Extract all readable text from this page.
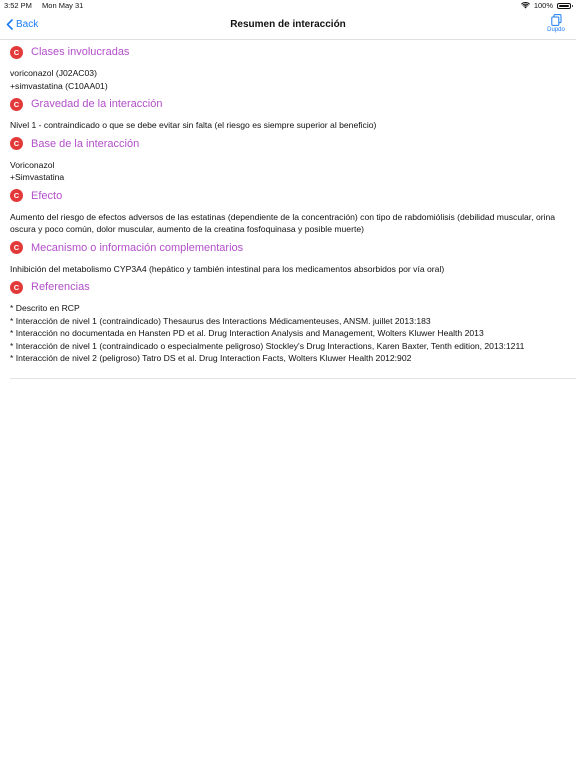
3:52 PM Mon May 31	100%
Back	Resumen de interacción	Dupdo
C	Clases involucradas
voriconazol (J02AC03)
+simvastatina (C10AA01)
C	Gravedad de la interacción
Nivel 1 - contraindicado o que se debe evitar sin falta (el riesgo es siempre superior al beneficio)
C	Base de la interacción
Voriconazol
+Simvastatina
C	Efecto
Aumento del riesgo de efectos adversos de las estatinas (dependiente de la concentración) con tipo de rabdomiólisis (debilidad muscular, orina oscura y poco común, dolor muscular, aumento de la creatina fosfoquinasa y posible muerte)
C	Mecanismo o información complementarios
Inhibición del metabolismo CYP3A4 (hepático y también intestinal para los medicamentos absorbidos por vía oral)
C	Referencias
* Descrito en RCP
* Interacción de nivel 1 (contraindicado) Thesaurus des Interactions Médicamenteuses, ANSM. juillet 2013:183
* Interacción no documentada en Hansten PD et al. Drug Interaction Analysis and Management, Wolters Kluwer Health 2013
* Interacción de nivel 1 (contraindicado o especialmente peligroso) Stockley's Drug Interactions, Karen Baxter, Tenth edition, 2013:1211
* Interacción de nivel 2 (peligroso) Tatro DS et al. Drug Interaction Facts, Wolters Kluwer Health 2012:902
